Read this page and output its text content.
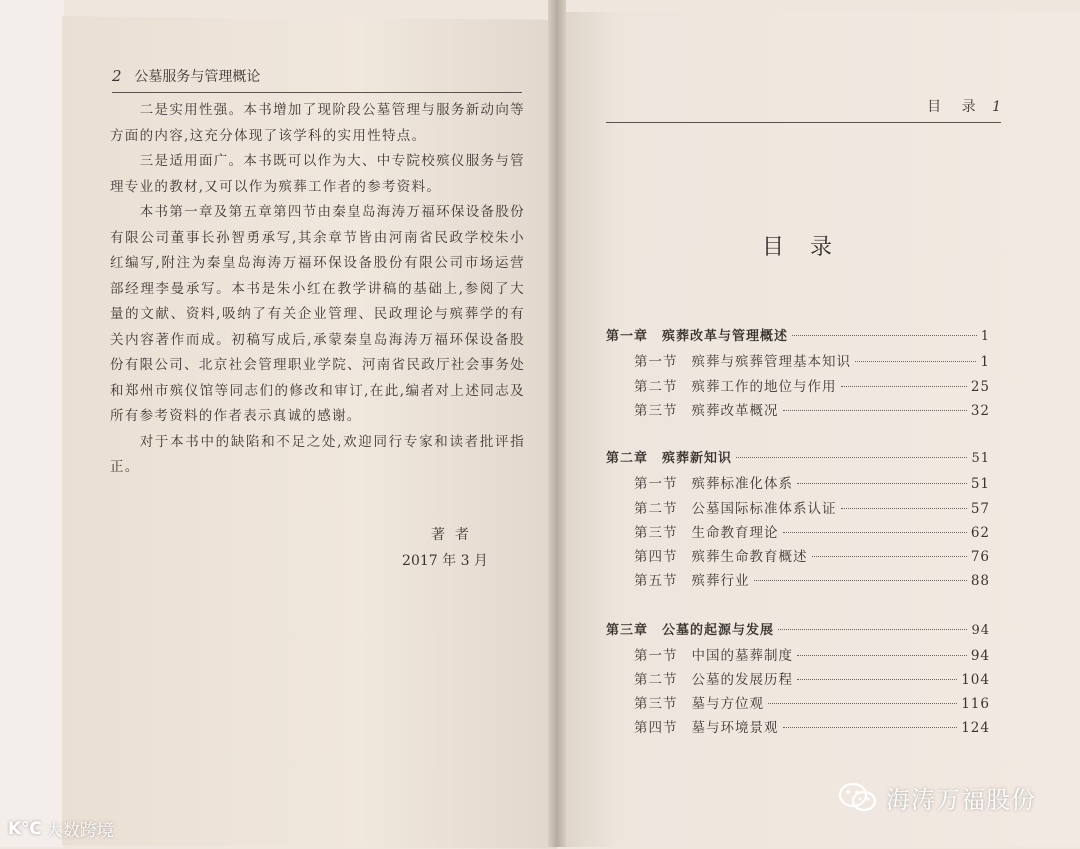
2 公墓服务与管理概论

二是实用性强。本书增加了现阶段公墓管理与服务新动向等方面的内容,这充分体现了该学科的实用性特点。

三是适用面广。本书既可以作为大、中专院校殡仪服务与管理专业的教材,又可以作为殡葬工作者的参考资料。

本书第一章及第五章第四节由秦皇岛海涛万福环保设备股份有限公司董事长孙智勇承写,其余章节皆由河南省民政学校朱小红编写,附注为秦皇岛海涛万福环保设备股份有限公司市场运营部经理李曼承写。本书是朱小红在教学讲稿的基础上,参阅了大量的文献、资料,吸纳了有关企业管理、民政理论与殡葬学的有关内容著作而成。初稿写成后,承蒙秦皇岛海涛万福环保设备股份有限公司、北京社会管理职业学院、河南省民政厅社会事务处和郑州市殡仪馆等同志们的修改和审订,在此,编者对上述同志及所有参考资料的作者表示真诚的感谢。

对于本书中的缺陷和不足之处,欢迎同行专家和读者批评指正。

著者
2017 年 3 月
目 录 1
目录
第一章 殡葬改革与管理概述	1
第一节 殡葬与殡葬管理基本知识	1
第二节 殡葬工作的地位与作用	25
第三节 殡葬改革概况	32
第二章 殡葬新知识	51
第一节 殡葬标准化体系	51
第二节 公墓国际标准体系认证	57
第三节 生命教育理论	62
第四节 殡葬生命教育概述	76
第五节 殡葬行业	88
第三章 公墓的起源与发展	94
第一节 中国的墓葬制度	94
第二节 公墓的发展历程	104
第三节 墓与方位观	116
第四节 墓与环境景观	124
海涛万福股份
K℃ 大数跨境
